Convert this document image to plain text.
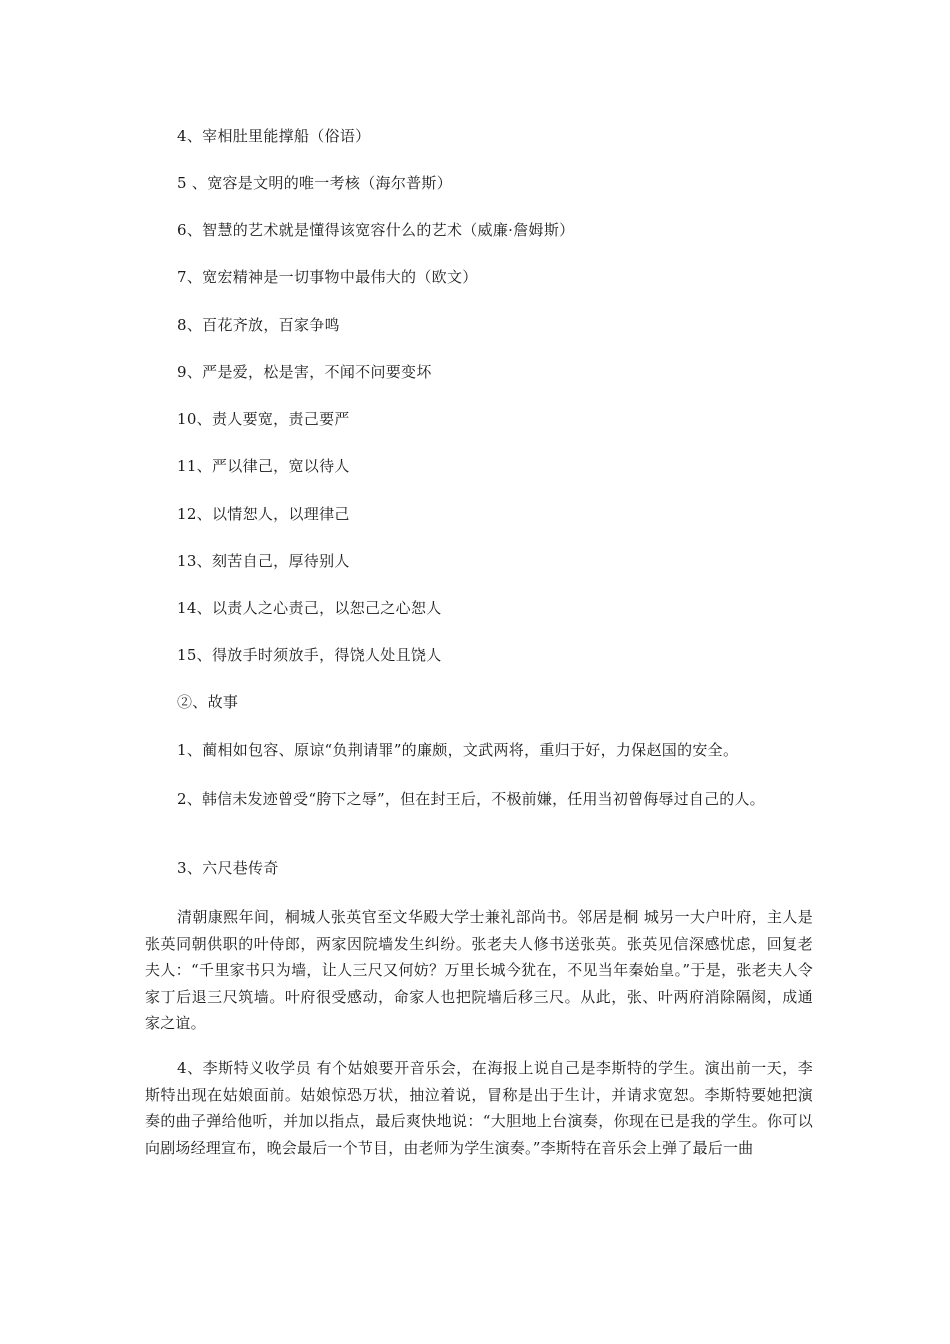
4、宰相肚里能撑船（俗语）
5 、宽容是文明的唯一考核（海尔普斯）
6、智慧的艺术就是懂得该宽容什么的艺术（威廉·詹姆斯）
7、宽宏精神是一切事物中最伟大的（欧文）
8、百花齐放，百家争鸣
9、严是爱，松是害，不闻不问要变坏
10、责人要宽，责己要严
11、严以律己，宽以待人
12、以情恕人，以理律己
13、刻苦自己，厚待别人
14、以责人之心责己，以恕己之心恕人
15、得放手时须放手，得饶人处且饶人
②、故事
1、蔺相如包容、原谅“负荆请罪”的廉颇，文武两将，重归于好，力保赵国的安全。

2、韩信未发迹曾受“胯下之辱”，但在封王后，不极前嫌，任用当初曾侮辱过自己的人。

3、六尺巷传奇

清朝康熙年间，桐城人张英官至文华殿大学士兼礼部尚书。邻居是桐 城另一大户叶府，主人是张英同朝供职的叶侍郎，两家因院墙发生纠纷。张老夫人修书送张英。张英见信深感忧虑，回复老夫人：“千里家书只为墙，让人三尺又何妨？万里长城今犹在，不见当年秦始皇。”于是，张老夫人令家丁后退三尺筑墙。叶府很受感动，命家人也把院墙后移三尺。从此，张、叶两府消除隔阂，成通家之谊。

4、李斯特义收学员 有个姑娘要开音乐会，在海报上说自己是李斯特的学生。演出前一天，李斯特出现在姑娘面前。姑娘惊恐万状，抽泣着说，冒称是出于生计，并请求宽恕。李斯特要她把演奏的曲子弹给他听，并加以指点，最后爽快地说：“大胆地上台演奏，你现在已是我的学生。你可以向剧场经理宣布，晚会最后一个节目，由老师为学生演奏。”李斯特在音乐会上弹了最后一曲
